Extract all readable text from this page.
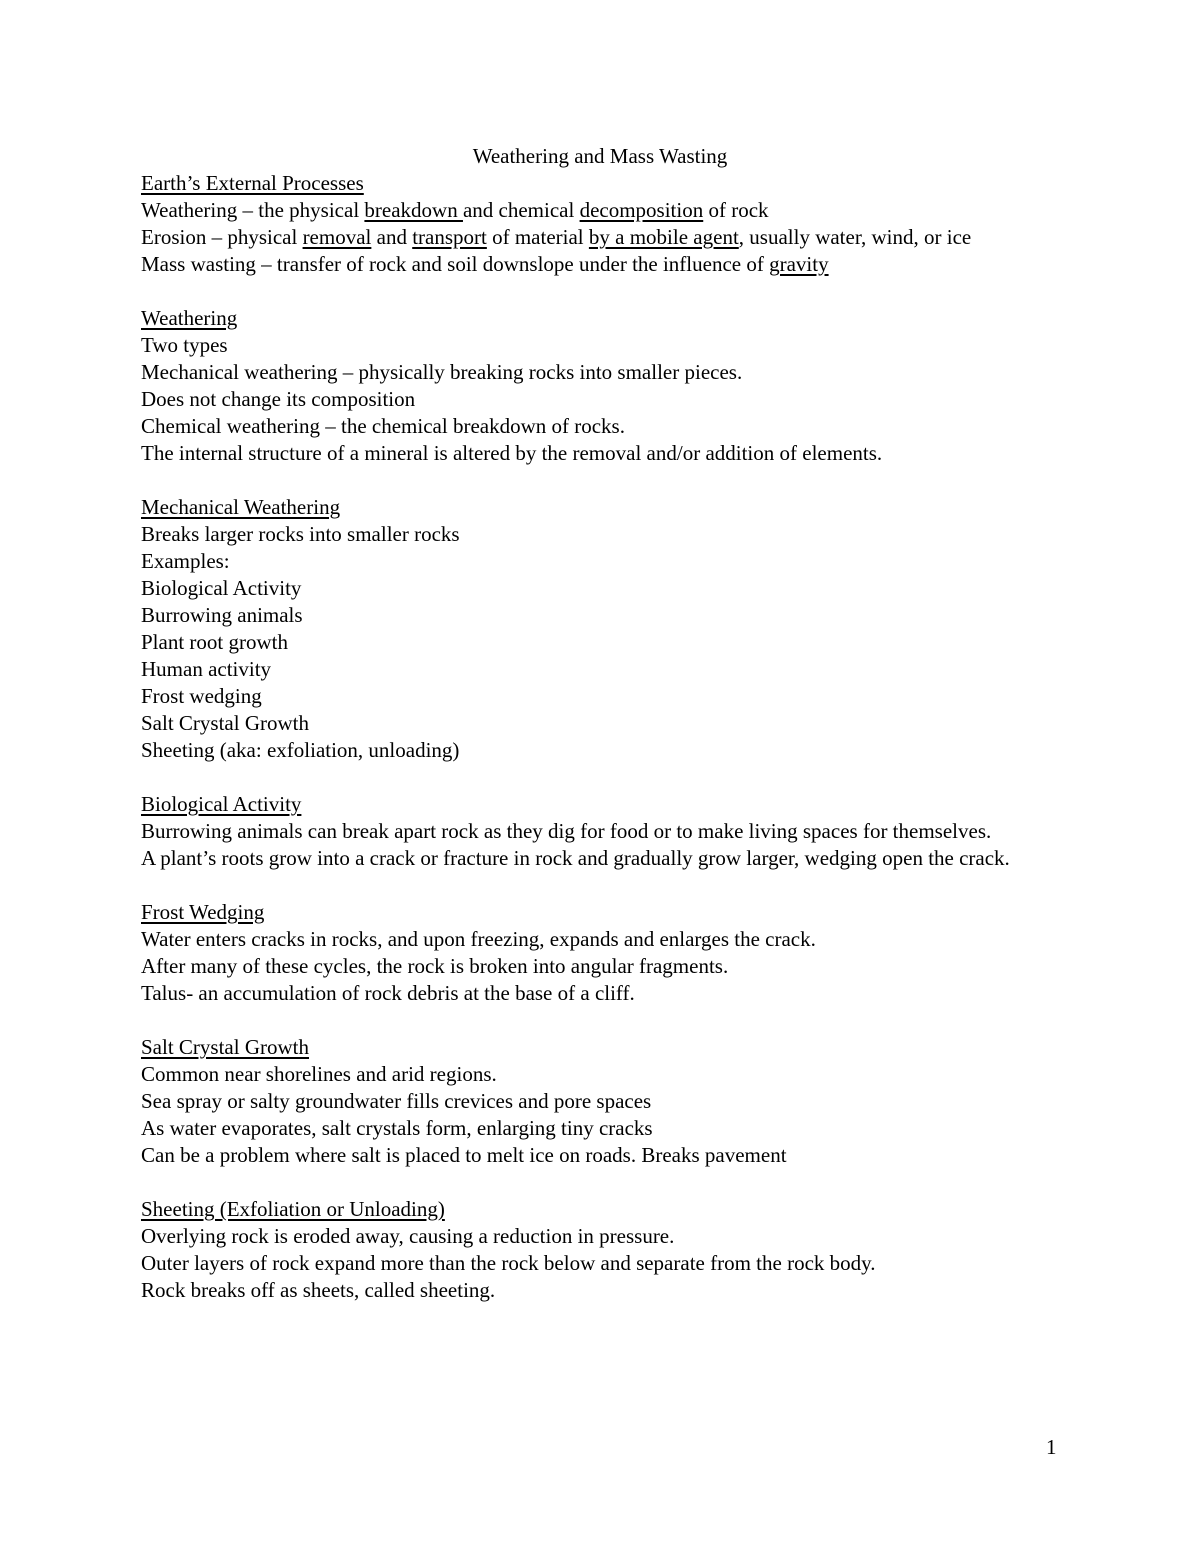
Weathering and Mass Wasting
Earth’s External Processes
Weathering – the physical breakdown and chemical decomposition of rock
Erosion – physical removal and transport of material by a mobile agent, usually water, wind, or ice
Mass wasting – transfer of rock and soil downslope under the influence of gravity
Weathering
Two types
Mechanical weathering – physically breaking rocks into smaller pieces.
Does not change its composition
Chemical weathering – the chemical breakdown of rocks.
The internal structure of a mineral is altered by the removal and/or addition of elements.
Mechanical Weathering
Breaks larger rocks into smaller rocks
Examples:
Biological Activity
Burrowing animals
Plant root growth
Human activity
Frost wedging
Salt Crystal Growth
Sheeting (aka: exfoliation, unloading)
Biological Activity
Burrowing animals can break apart rock as they dig for food or to make living spaces for themselves.
A plant’s roots grow into a crack or fracture in rock and gradually grow larger, wedging open the crack.
Frost Wedging
Water enters cracks in rocks, and upon freezing, expands and enlarges the crack.
After many of these cycles, the rock is broken into angular fragments.
Talus- an accumulation of rock debris at the base of a cliff.
Salt Crystal Growth
Common near shorelines and arid regions.
Sea spray or salty groundwater fills crevices and pore spaces
As water evaporates, salt crystals form, enlarging tiny cracks
Can be a problem where salt is placed to melt ice on roads. Breaks pavement
Sheeting (Exfoliation or Unloading)
Overlying rock is eroded away, causing a reduction in pressure.
Outer layers of rock expand more than the rock below and separate from the rock body.
Rock breaks off as sheets, called sheeting.
1
